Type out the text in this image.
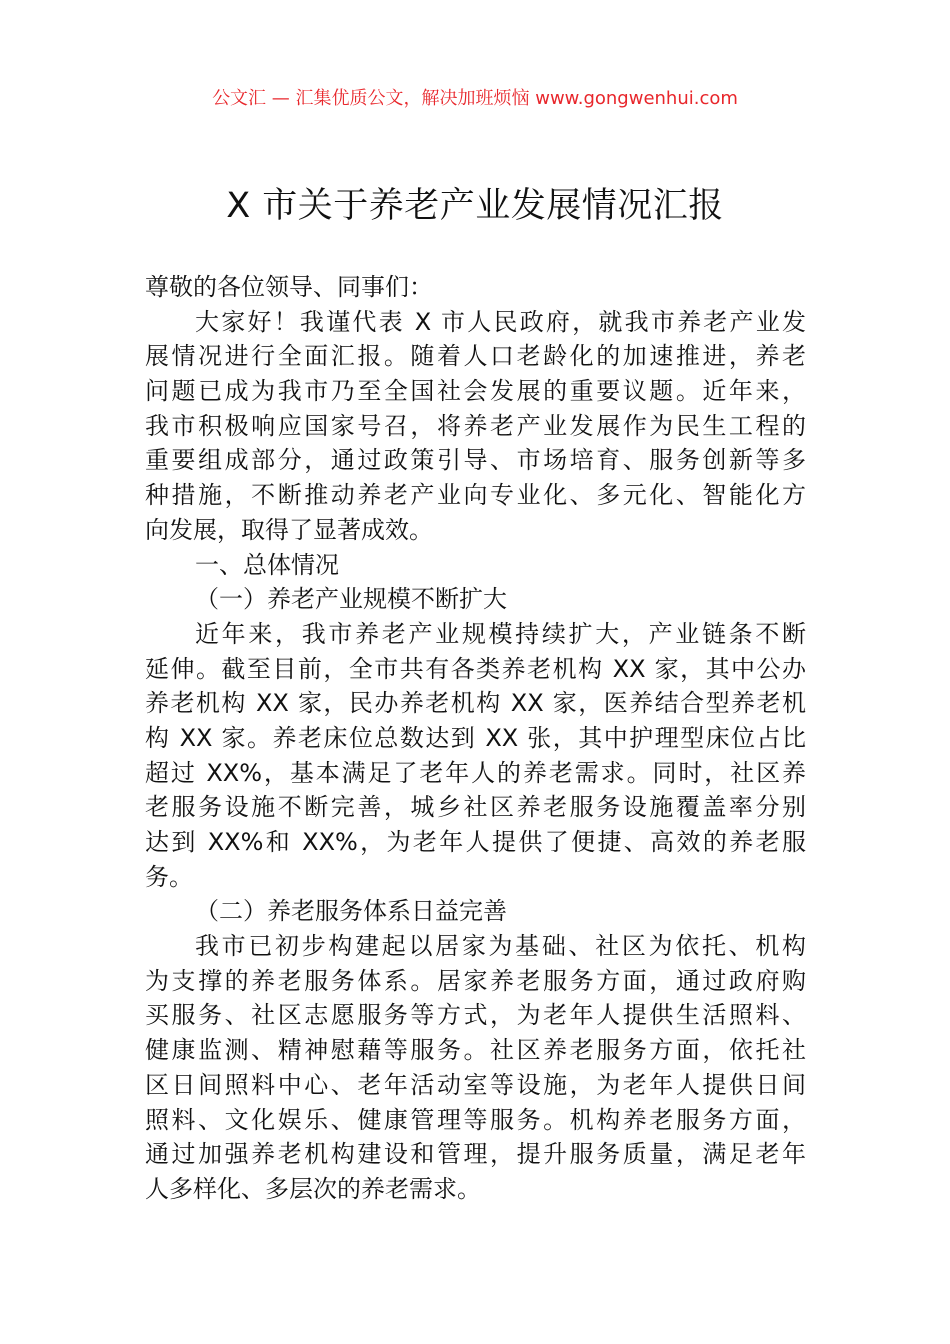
公文汇 — 汇集优质公文，解决加班烦恼 www.gongwenhui.com
X 市关于养老产业发展情况汇报
尊敬的各位领导、同事们：
大家好！我谨代表 X 市人民政府，就我市养老产业发
展情况进行全面汇报。随着人口老龄化的加速推进，养老
问题已成为我市乃至全国社会发展的重要议题。近年来，
我市积极响应国家号召，将养老产业发展作为民生工程的
重要组成部分，通过政策引导、市场培育、服务创新等多
种措施，不断推动养老产业向专业化、多元化、智能化方
向发展，取得了显著成效。
一、总体情况
（一）养老产业规模不断扩大
近年来，我市养老产业规模持续扩大，产业链条不断
延伸。截至目前，全市共有各类养老机构 XX 家，其中公办
养老机构 XX 家，民办养老机构 XX 家，医养结合型养老机
构 XX 家。养老床位总数达到 XX 张，其中护理型床位占比
超过 XX%，基本满足了老年人的养老需求。同时，社区养
老服务设施不断完善，城乡社区养老服务设施覆盖率分别
达到 XX%和 XX%，为老年人提供了便捷、高效的养老服
务。
（二）养老服务体系日益完善
我市已初步构建起以居家为基础、社区为依托、机构
为支撑的养老服务体系。居家养老服务方面，通过政府购
买服务、社区志愿服务等方式，为老年人提供生活照料、
健康监测、精神慰藉等服务。社区养老服务方面，依托社
区日间照料中心、老年活动室等设施，为老年人提供日间
照料、文化娱乐、健康管理等服务。机构养老服务方面，
通过加强养老机构建设和管理，提升服务质量，满足老年
人多样化、多层次的养老需求。
